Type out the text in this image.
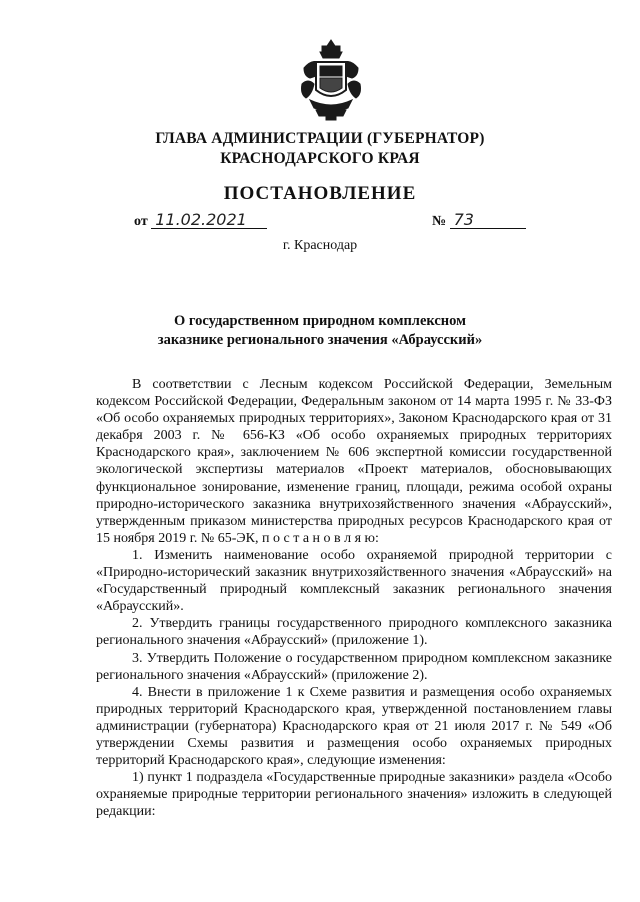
ГЛАВА АДМИНИСТРАЦИИ (ГУБЕРНАТОР)
КРАСНОДАРСКОГО КРАЯ
ПОСТАНОВЛЕНИЕ
от 11.02.2021	№ 73
г. Краснодар
О государственном природном комплексном
заказнике регионального значения «Абраусский»

В соответствии с Лесным кодексом Российской Федерации, Земельным кодексом Российской Федерации, Федеральным законом от 14 марта 1995 г. № 33-ФЗ «Об особо охраняемых природных территориях», Законом Краснодарского края от 31 декабря 2003 г. № 656-КЗ «Об особо охраняемых природных территориях Краснодарского края», заключением № 606 экспертной комиссии государственной экологической экспертизы материалов «Проект материалов, обосновывающих функциональное зонирование, изменение границ, площади, режима особой охраны природно-исторического заказника внутрихозяйственного значения «Абраусский», утвержденным приказом министерства природных ресурсов Краснодарского края от 15 ноября 2019 г. № 65-ЭК, п о с т а н о в л я ю:

1. Изменить наименование особо охраняемой природной территории с «Природно-исторический заказник внутрихозяйственного значения «Абраусский» на «Государственный природный комплексный заказник регионального значения «Абраусский».

2. Утвердить границы государственного природного комплексного заказника регионального значения «Абраусский» (приложение 1).

3. Утвердить Положение о государственном природном комплексном заказнике регионального значения «Абраусский» (приложение 2).

4. Внести в приложение 1 к Схеме развития и размещения особо охраняемых природных территорий Краснодарского края, утвержденной постановлением главы администрации (губернатора) Краснодарского края от 21 июля 2017 г. № 549 «Об утверждении Схемы развития и размещения особо охраняемых природных территорий Краснодарского края», следующие изменения:

1) пункт 1 подраздела «Государственные природные заказники» раздела «Особо охраняемые природные территории регионального значения» изложить в следующей редакции:
